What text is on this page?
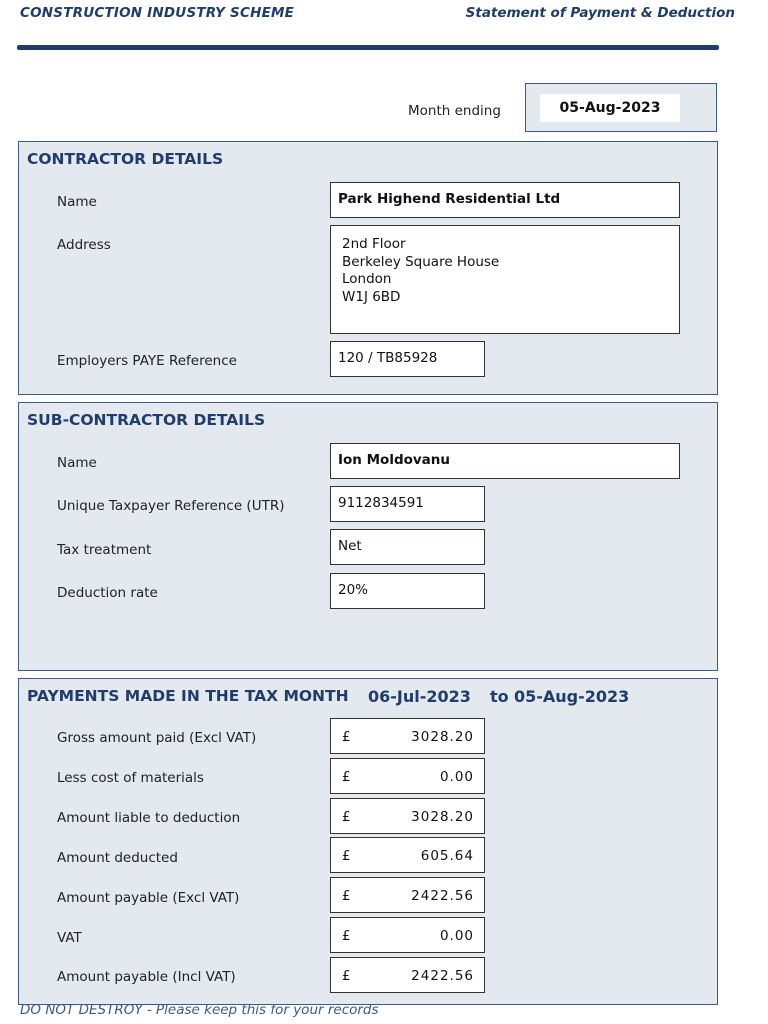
CONSTRUCTION INDUSTRY SCHEME	Statement of Payment & Deduction
Month ending	05-Aug-2023
CONTRACTOR DETAILS
Name	Park Highend Residential Ltd
Address	2nd Floor
Berkeley Square House
London
W1J 6BD
Employers PAYE Reference	120 / TB85928
SUB-CONTRACTOR DETAILS
Name	Ion Moldovanu
Unique Taxpayer Reference (UTR)	9112834591
Tax treatment	Net
Deduction rate	20%
PAYMENTS MADE IN THE TAX MONTH 06-Jul-2023 to 05-Aug-2023
Gross amount paid (Excl VAT)	£	3028.20
Less cost of materials	£	0.00
Amount liable to deduction	£	3028.20
Amount deducted	£	605.64
Amount payable (Excl VAT)	£	2422.56
VAT	£	0.00
Amount payable (Incl VAT)	£	2422.56
DO NOT DESTROY - Please keep this for your records
